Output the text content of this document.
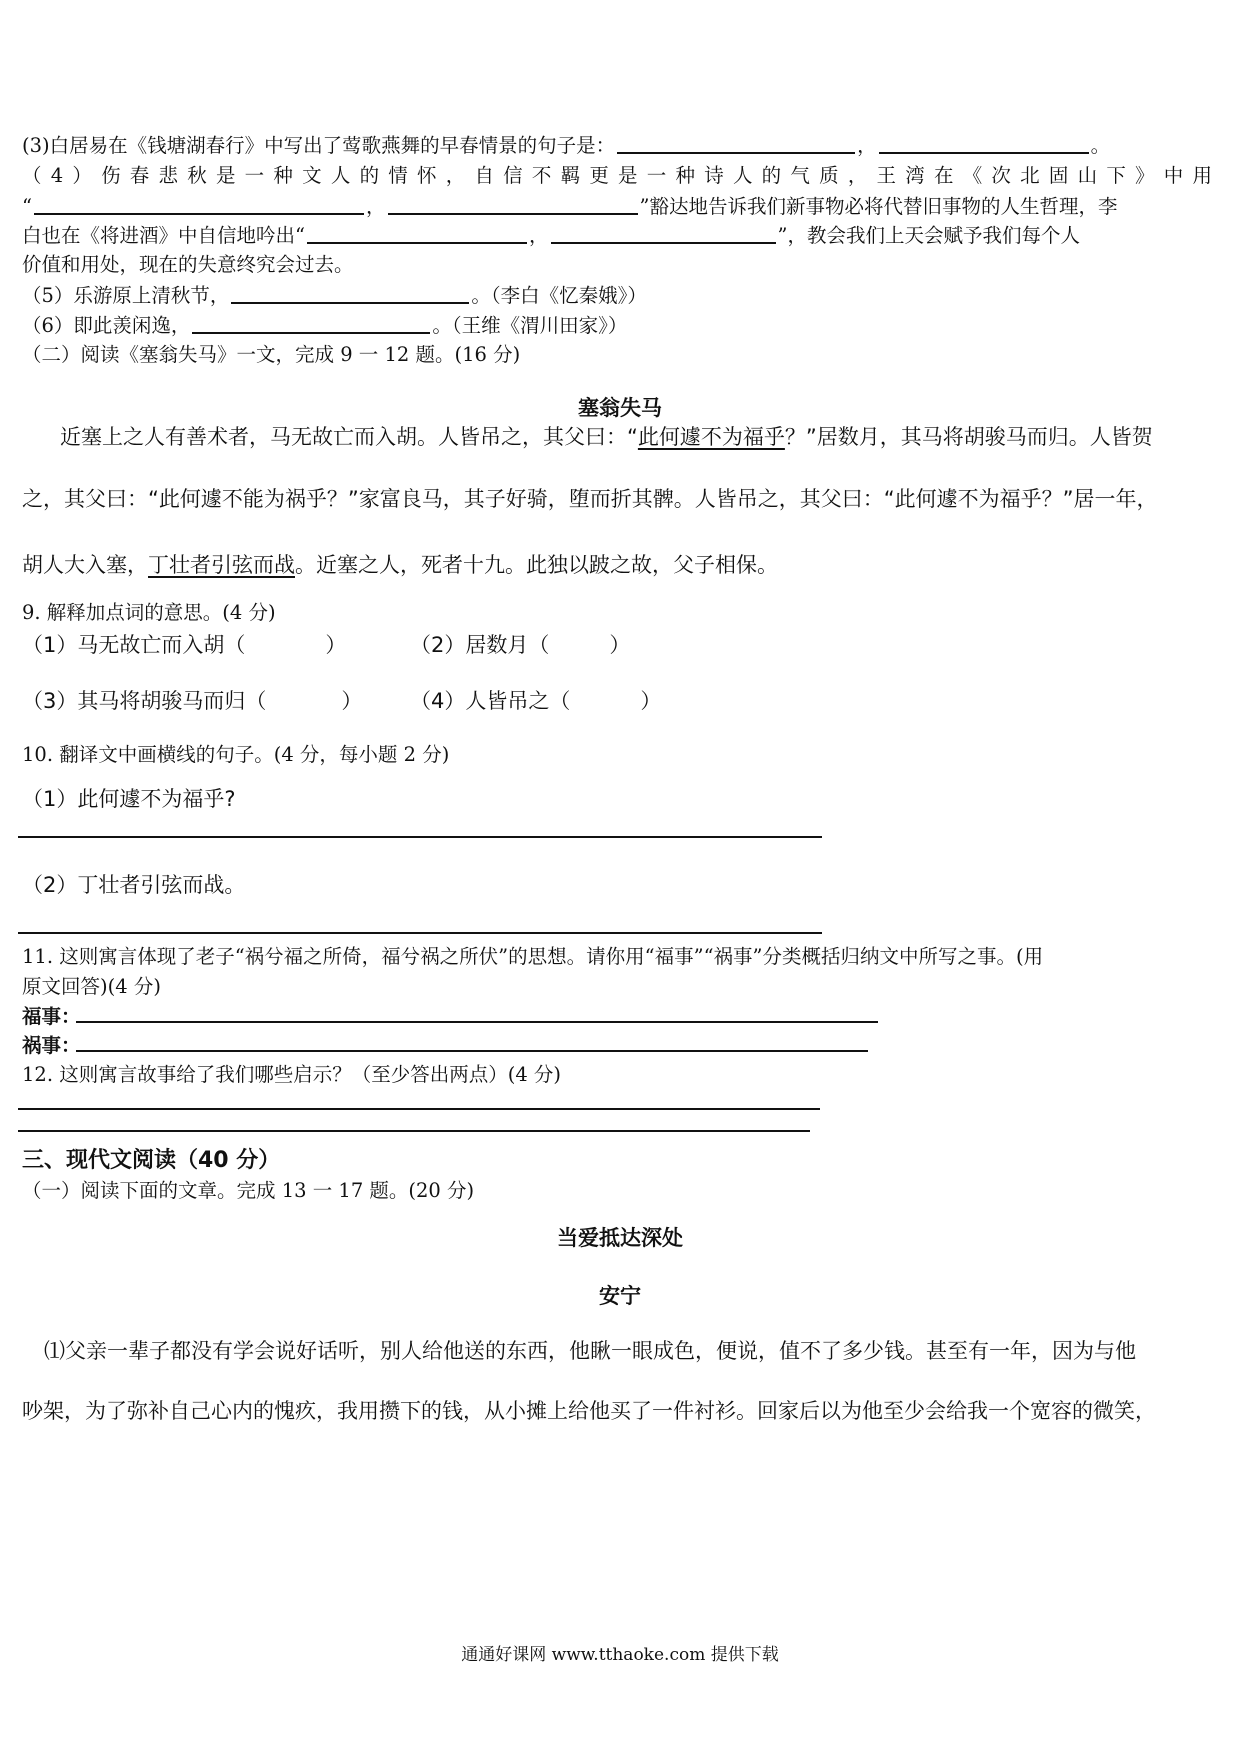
(3)白居易在《钱塘湖春行》中写出了莺歌燕舞的早春情景的句子是：	，	。
（4）伤春悲秋是一种文人的情怀，自信不羁更是一种诗人的气质，王湾在《次北固山下》中用
“	，	”豁达地告诉我们新事物必将代替旧事物的人生哲理，李
白也在《将进酒》中自信地吟出“	，	”，教会我们上天会赋予我们每个人
价值和用处，现在的失意终究会过去。
（5）乐游原上清秋节，	。（李白《忆秦娥》）
（6）即此羡闲逸，	。（王维《渭川田家》）
（二）阅读《塞翁失马》一文，完成 9 一 12 题。(16 分)
塞翁失马
近塞上之人有善术者，马无故亡而入胡。人皆吊之，其父曰：“此何遽不为福乎？”居数月，其马将胡骏马而归。人皆贺
之，其父曰：“此何遽不能为祸乎？”家富良马，其子好骑，堕而折其髀。人皆吊之，其父曰：“此何遽不为福乎？”居一年，
胡人大入塞，丁壮者引弦而战。近塞之人，死者十九。此独以跛之故，父子相保。
9. 解释加点词的意思。(4 分)
（1）马无故亡而入胡（	）	（2）居数月（	）
（3）其马将胡骏马而归（	） （4）人皆吊之（	）
10. 翻译文中画横线的句子。(4 分，每小题 2 分)
（1）此何遽不为福乎?
（2）丁壮者引弦而战。
11. 这则寓言体现了老子“祸兮福之所倚，福兮祸之所伏”的思想。请你用“福事”“祸事”分类概括归纳文中所写之事。(用
原文回答)(4 分)
福事：
祸事：
12. 这则寓言故事给了我们哪些启示？（至少答出两点）(4 分)
三、现代文阅读（40 分）
（一）阅读下面的文章。完成 13 一 17 题。(20 分)
当爱抵达深处
安宁
⑴父亲一辈子都没有学会说好话听，别人给他送的东西，他瞅一眼成色，便说，值不了多少钱。甚至有一年，因为与他
吵架，为了弥补自己心内的愧疚，我用攒下的钱，从小摊上给他买了一件衬衫。回家后以为他至少会给我一个宽容的微笑，
通通好课网 www.tthaoke.com 提供下载
